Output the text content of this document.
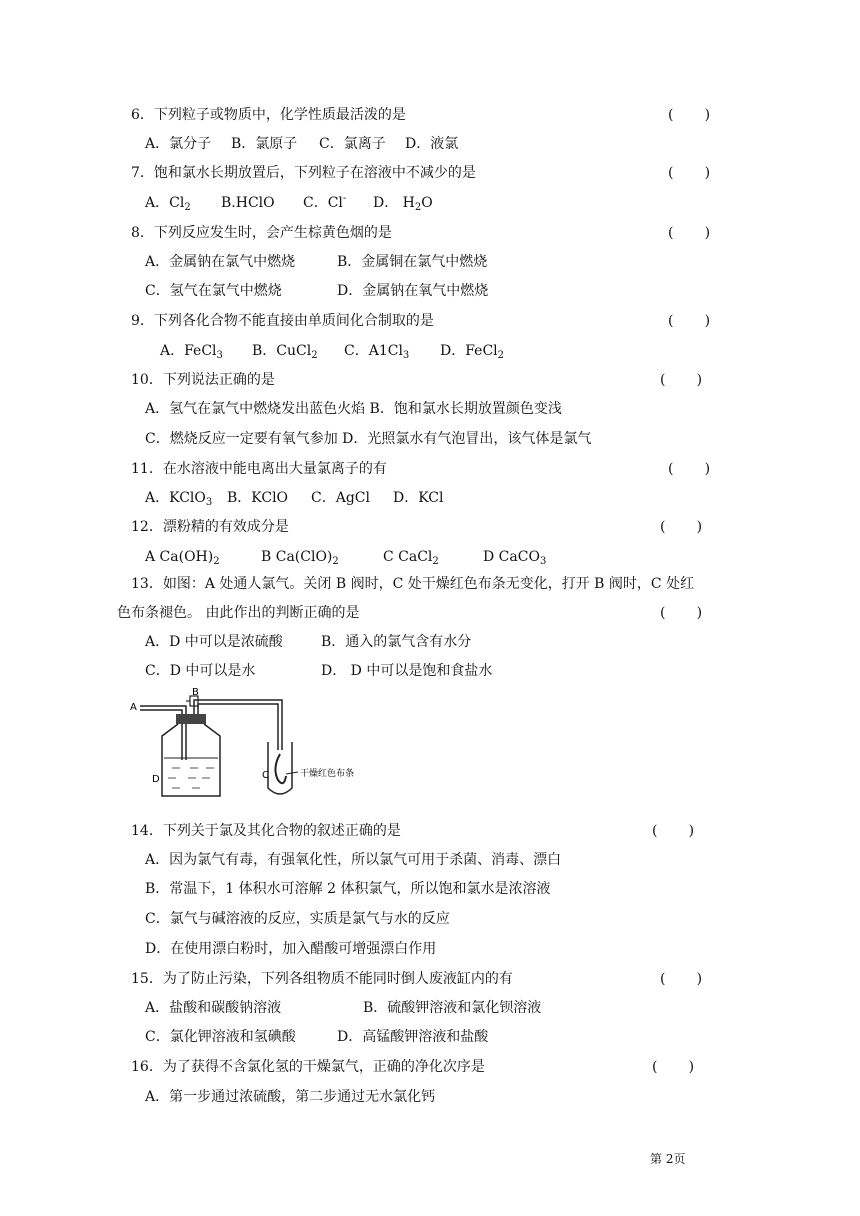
6．下列粒子或物质中，化学性质最活泼的是	(       )
A．氯分子 B．氯原子 C．氯离子 D．液氯
7．饱和氯水长期放置后，下列粒子在溶液中不减少的是	(       )
A．$Cl_2$ B.HClO C．Cl- D． $H_2O$
8．下列反应发生时，会产生棕黄色烟的是	(       )
A．金属钠在氯气中燃烧	B．金属铜在氯气中燃烧
C．氢气在氯气中燃烧	D．金属钠在氧气中燃烧
9．下列各化合物不能直接由单质间化合制取的是	(       )
A．FeCl$_3$ B．CuCl$_2$ C．$A1Cl_3$ D．FeCl$_2$
10．下列说法正确的是	(       )
A．氢气在氯气中燃烧发出蓝色火焰 B．饱和氯水长期放置颜色变浅
C．燃烧反应一定要有氧气参加 D．光照氯水有气泡冒出，该气体是氯气
11．在水溶液中能电离出大量氯离子的有	(       )
A．KClO$_3$ B．KClO C．AgCl D．KCl
12．漂粉精的有效成分是	(       )
A $Ca(OH)_2$	B $Ca(ClO)_2$	C CaCl$_2$	D CaCO$_3$
13．如图：A 处通人氯气。关闭 B 阀时，C 处干燥红色布条无变化，打开 B 阀时，C 处红
色布条褪色。 由此作出的判断正确的是	(       )
A．D 中可以是浓硫酸	B．通入的氯气含有水分
C．D 中可以是水	D． D 中可以是饱和食盐水
A
B
C
D	干燥红色布条
14．下列关于氯及其化合物的叙述正确的是	(       )
A．因为氯气有毒，有强氧化性，所以氯气可用于杀菌、消毒、漂白
B．常温下，1 体积水可溶解 2 体积氯气，所以饱和氯水是浓溶液
C．氯气与碱溶液的反应，实质是氯气与水的反应
D．在使用漂白粉时，加入醋酸可增强漂白作用
15．为了防止污染，下列各组物质不能同时倒人废液缸内的有	(       )
A．盐酸和碳酸钠溶液	B．硫酸钾溶液和氯化钡溶液
C．氯化钾溶液和氢碘酸	D．高锰酸钾溶液和盐酸
16．为了获得不含氯化氢的干燥氯气，正确的净化次序是	(       )
A．第一步通过浓硫酸，第二步通过无水氯化钙
第 2页
